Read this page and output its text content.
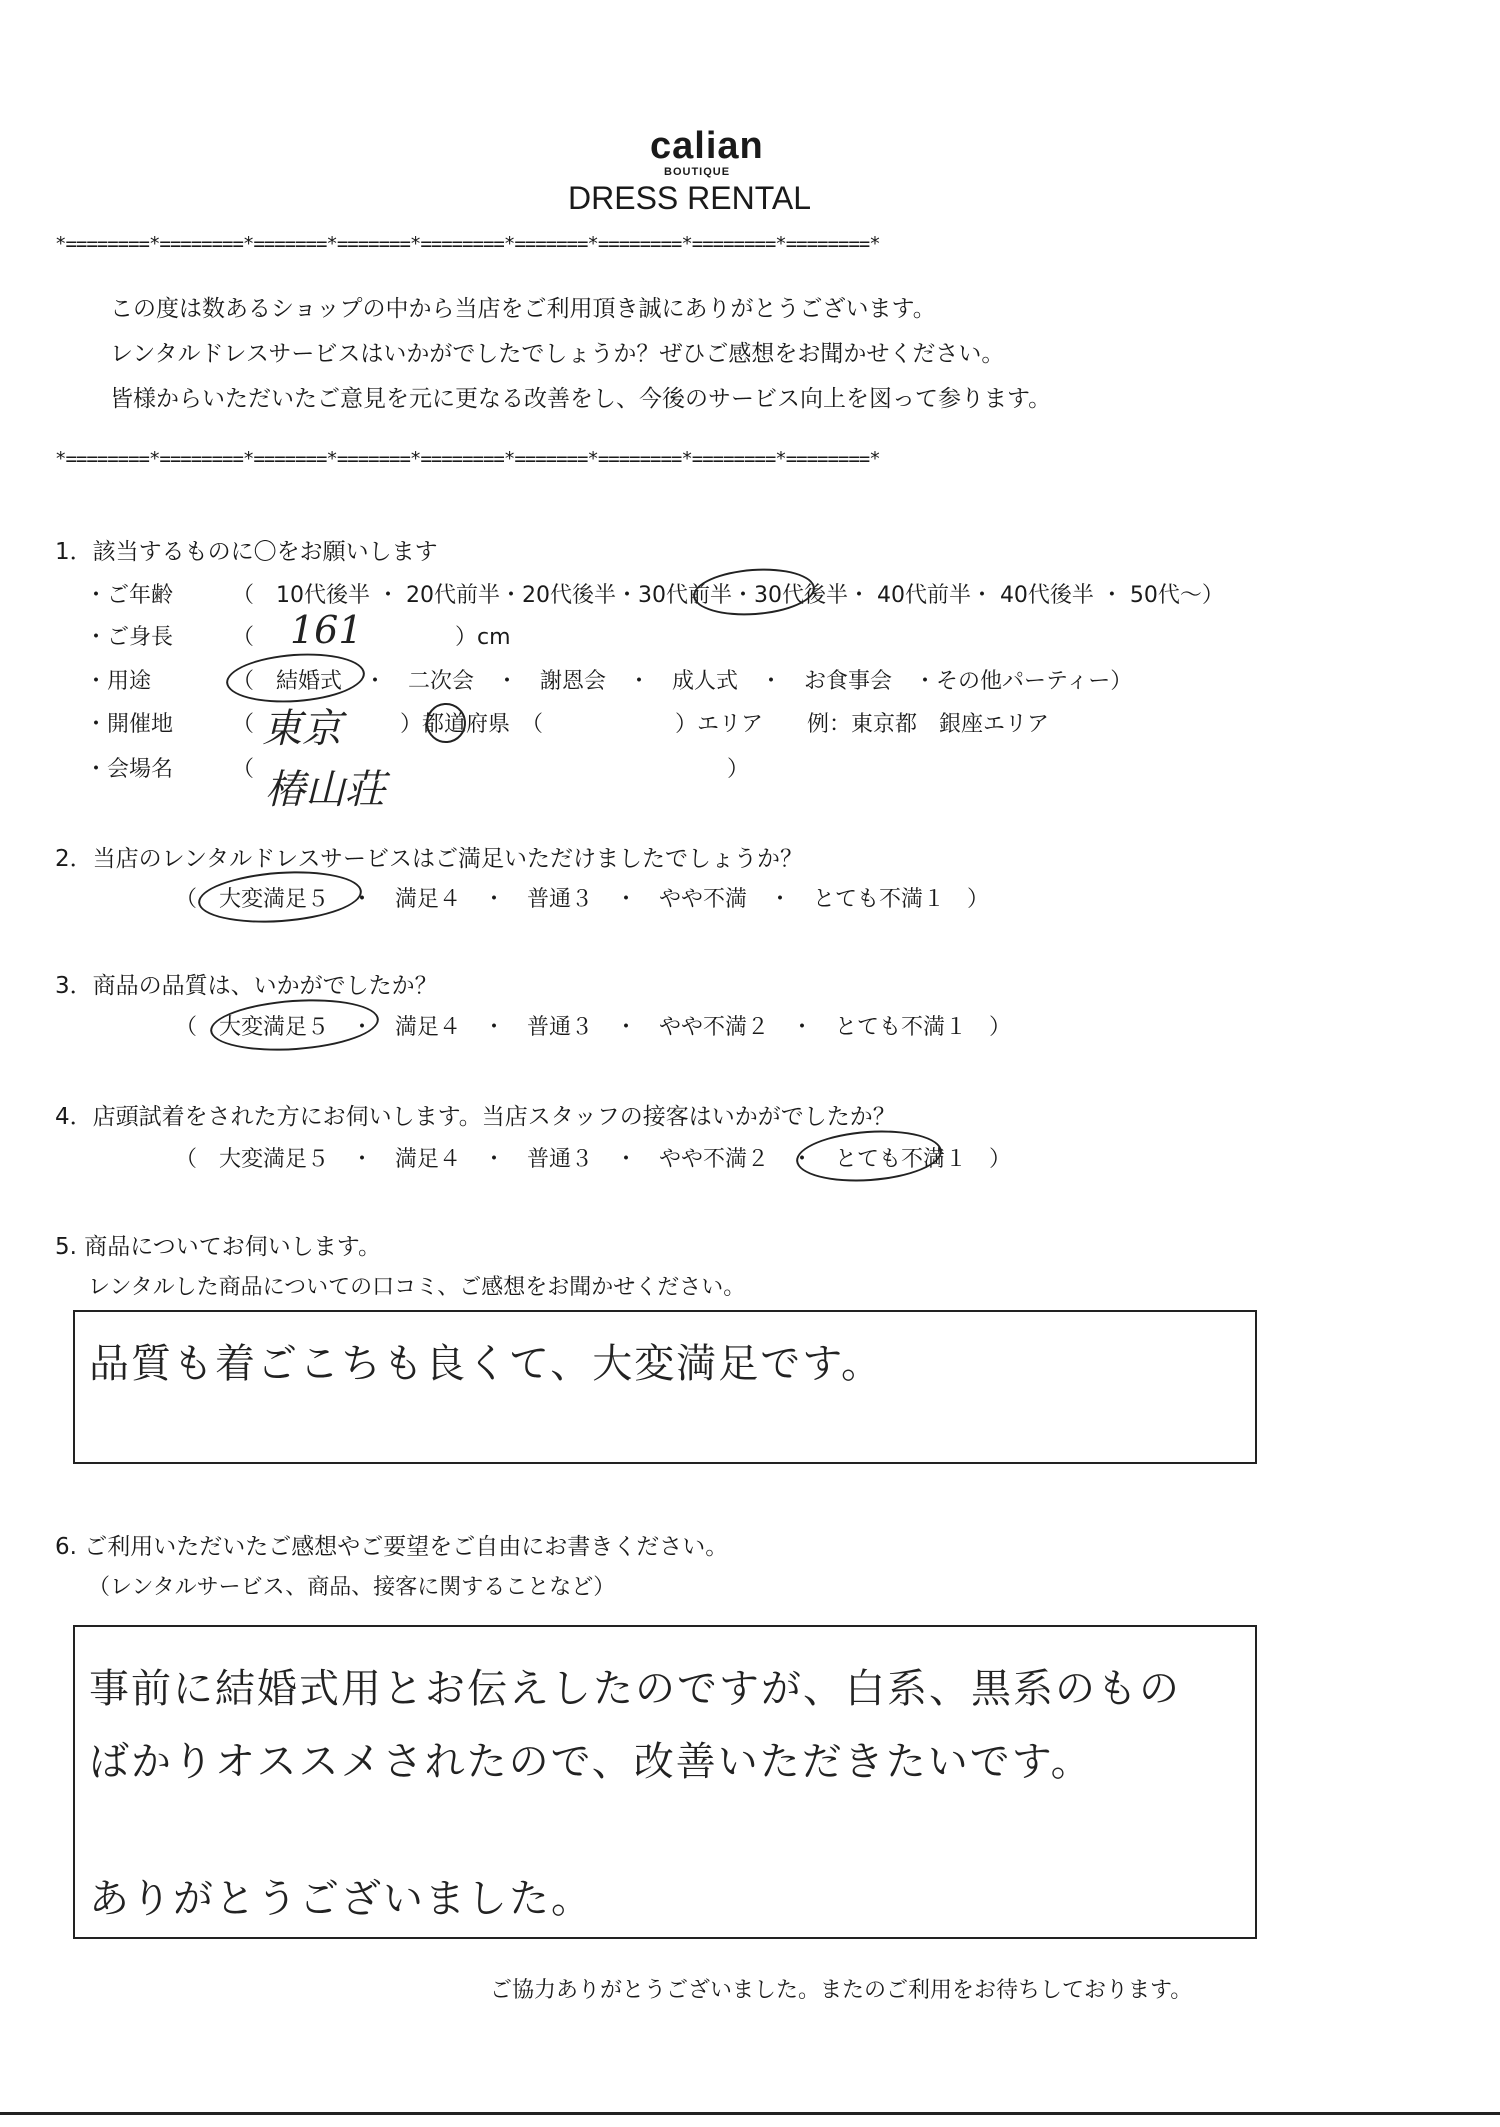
calian
BOUTIQUE
DRESS RENTAL
*========*========*=======*=======*========*=======*========*========*========*
この度は数あるショップの中から当店をご利用頂き誠にありがとうございます。
レンタルドレスサービスはいかがでしたでしょうか？ぜひご感想をお聞かせください。
皆様からいただいたご意見を元に更なる改善をし、今後のサービス向上を図って参ります。
*========*========*=======*=======*========*=======*========*========*========*
1．該当するものに〇をお願いします
・ご年齢	（　10代後半 ・ 20代前半・20代後半・30代前半・30代後半・ 40代前半・ 40代後半 ・ 50代〜）
・ご身長	（ 161	）cm
・用途	（　結婚式　・　二次会　・　謝恩会　・　成人式　・　お食事会　・その他パーティー）
・開催地	（ 東京	）都道府県　（　　　　　　）エリア　　例：東京都　銀座エリア
・会場名	（ 椿山荘	）
2．当店のレンタルドレスサービスはご満足いただけましたでしょうか？
（　大変満足５　・　満足４　・　普通３　・　やや不満　・　とても不満１　）
3．商品の品質は、いかがでしたか？
（　大変満足５　・　満足４　・　普通３　・　やや不満２　・　とても不満１　）
4．店頭試着をされた方にお伺いします。当店スタッフの接客はいかがでしたか？
（　大変満足５　・　満足４　・　普通３　・　やや不満２　・　とても不満１　）
5. 商品についてお伺いします。
レンタルした商品についての口コミ、ご感想をお聞かせください。
品質も着ごこちも良くて、大変満足です。
6. ご利用いただいたご感想やご要望をご自由にお書きください。
（レンタルサービス、商品、接客に関することなど）
事前に結婚式用とお伝えしたのですが、白系、黒系のもの
ばかりオススメされたので、改善いただきたいです。
ありがとうございました。
ご協力ありがとうございました。またのご利用をお待ちしております。
